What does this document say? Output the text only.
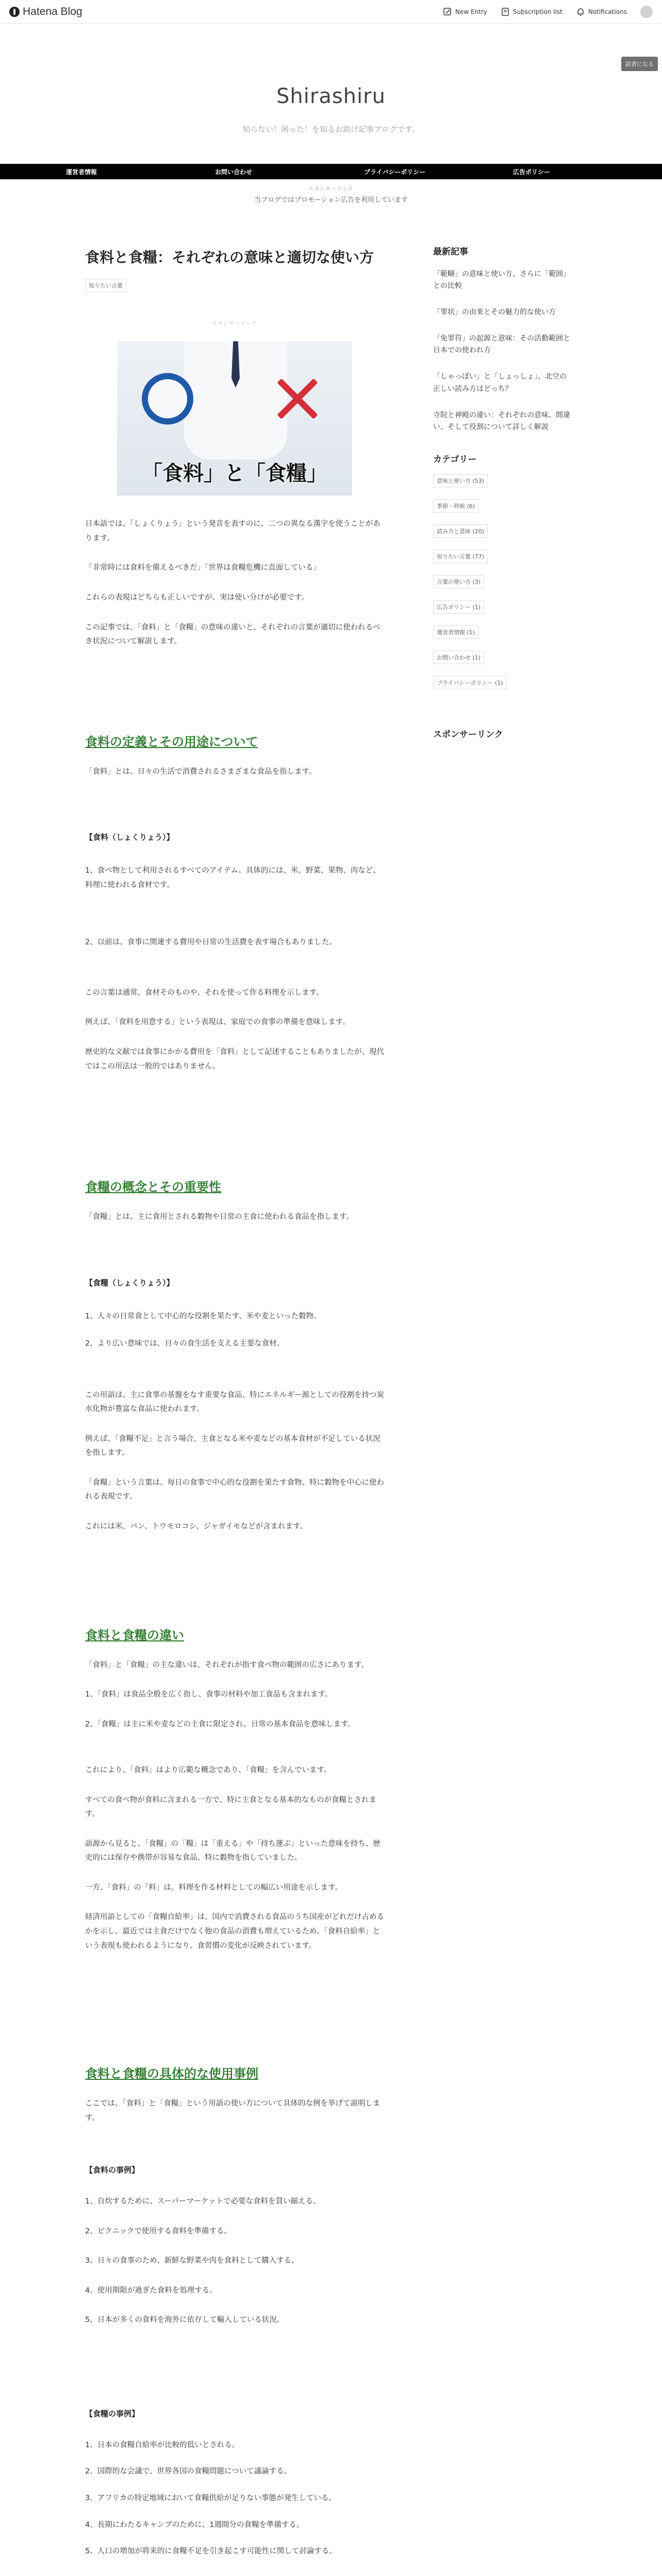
Hatena Blog	New Entry	Subscription list	Notifications
読者になる
Shirashiru
知らない！困った！を知るお助け記事ブログです。
運営者情報	お問い合わせ	プライバシーポリシー	広告ポリシー
スポンサーリンク
当ブログではプロモーション広告を利用しています
食料と食糧：それぞれの意味と適切な使い方
知りたい言葉
スポンサーリンク
「食料」と「食糧」

日本語では、「しょくりょう」という発音を表すのに、二つの異なる漢字を使うことがあります。

「非常時には食料を備えるべきだ」「世界は食糧危機に直面している」

これらの表現はどちらも正しいですが、実は使い分けが必要です。

この記事では、「食料」と「食糧」の意味の違いと、それぞれの言葉が適切に使われるべき状況について解説します。

食料の定義とその用途について

「食料」とは、日々の生活で消費されるさまざまな食品を指します。

【食料（しょくりょう）】

1、食べ物として利用されるすべてのアイテム。具体的には、米、野菜、果物、肉など、料理に使われる食材です。

2、以前は、食事に関連する費用や日常の生活費を表す場合もありました。

この言葉は通常、食材そのものや、それを使って作る料理を示します。

例えば、「食料を用意する」という表現は、家庭での食事の準備を意味します。

歴史的な文献では食事にかかる費用を「食料」として記述することもありましたが、現代ではこの用法は一般的ではありません。

食糧の概念とその重要性

「食糧」とは、主に食用とされる穀物や日常の主食に使われる食品を指します。

【食糧（しょくりょう）】

1、人々の日常食として中心的な役割を果たす、米や麦といった穀物。

2、より広い意味では、日々の食生活を支える主要な食材。

この用語は、主に食事の基盤をなす重要な食品、特にエネルギー源としての役割を持つ炭水化物が豊富な食品に使われます。

例えば、「食糧不足」と言う場合、主食となる米や麦などの基本食材が不足している状況を指します。

「食糧」という言葉は、毎日の食事で中心的な役割を果たす食物、特に穀物を中心に使われる表現です。

これには米、パン、トウモロコシ、ジャガイモなどが含まれます。

食料と食糧の違い

「食料」と「食糧」の主な違いは、それぞれが指す食べ物の範囲の広さにあります。

1、「食料」は食品全般を広く指し、食事の材料や加工食品も含まれます。

2、「食糧」は主に米や麦などの主食に限定され、日常の基本食品を意味します。

これにより、「食料」はより広範な概念であり、「食糧」を含んでいます。

すべての食べ物が食料に含まれる一方で、特に主食となる基本的なものが食糧とされます。

語源から見ると、「食糧」の「糧」は「重える」や「持ち運ぶ」といった意味を持ち、歴史的には保存や携帯が容易な食品、特に穀物を指していました。

一方、「食料」の「料」は、料理を作る材料としての幅広い用途を示します。

経済用語としての「食糧自給率」は、国内で消費される食品のうち国産がどれだけ占めるかを示し、最近では主食だけでなく他の食品の消費も増えているため、「食料自給率」という表現も使われるようになり、食習慣の変化が反映されています。

食料と食糧の具体的な使用事例

ここでは、「食料」と「食糧」という用語の使い方について具体的な例を挙げて説明します。

【食料の事例】

1、自炊するために、スーパーマーケットで必要な食料を買い揃える。

2、ピクニックで使用する食料を準備する。

3、日々の食事のため、新鮮な野菜や肉を食料として購入する。

4、使用期限が過ぎた食料を処理する。

5、日本が多くの食料を海外に依存して輸入している状況。

【食糧の事例】

1、日本の食糧自給率が比較的低いとされる。

2、国際的な会議で、世界各国の食糧問題について議論する。

3、アフリカの特定地域において食糧供給が足りない事態が発生している。

4、長期にわたるキャンプのために、1週間分の食糧を準備する。

5、人口の増加が将来的に食糧不足を引き起こす可能性に関して討論する。

最新記事
「範疇」の意味と使い方、さらに「範囲」との比較
「罪状」の由来とその魅力的な使い方
「免罪符」の起源と意味：その活動範囲と日本での使われ方
「しゃっぽい」と「しょっしょ」、北空の正しい読み方はどっち？
寺院と神殿の違い：それぞれの意味、間違い、そして役割について詳しく解説
カテゴリー
意味と使い方 (53)
季節・時候 (6)
読み方と意味 (20)
知りたい言葉 (77)
言葉の使い方 (3)
広告ポリシー (1)
運営者情報 (1)
お問い合わせ (1)
プライバシーポリシー (1)
スポンサーリンク
